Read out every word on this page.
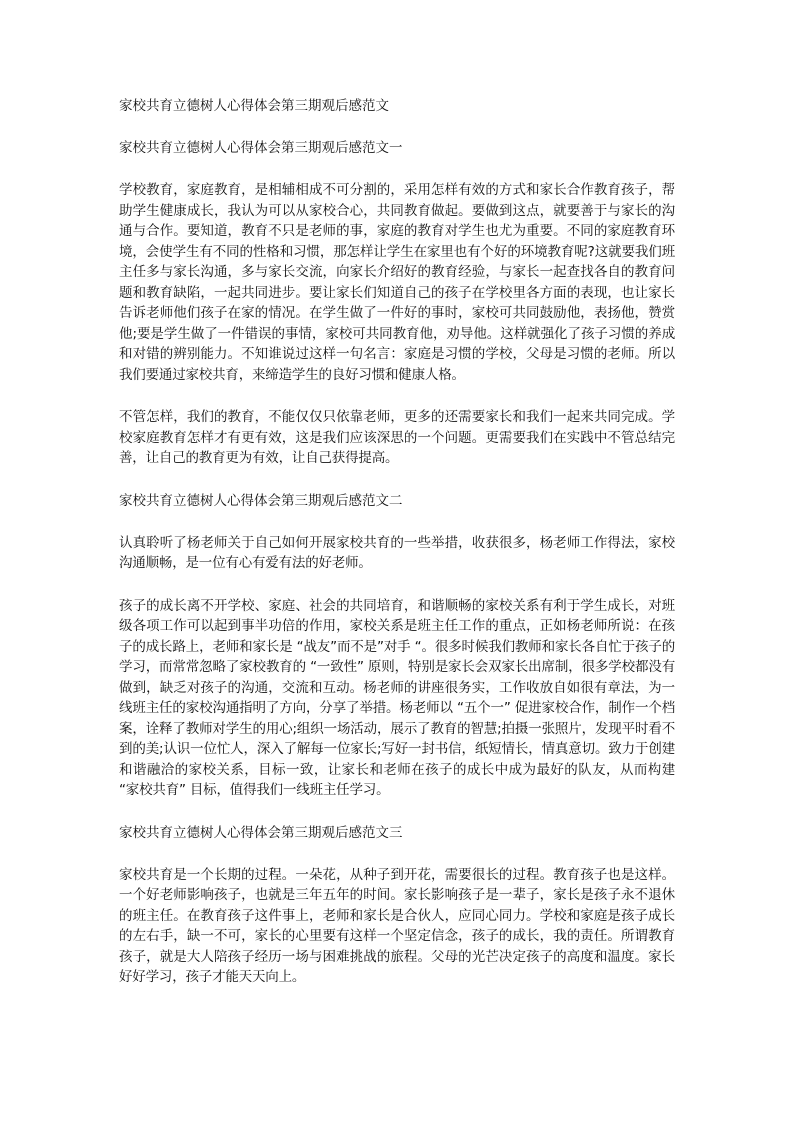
家校共育立德树人心得体会第三期观后感范文

家校共育立德树人心得体会第三期观后感范文一

学校教育，家庭教育，是相辅相成不可分割的，采用怎样有效的方式和家长合作教育孩子，帮助学生健康成长，我认为可以从家校合心，共同教育做起。要做到这点，就要善于与家长的沟通与合作。要知道，教育不只是老师的事，家庭的教育对学生也尤为重要。不同的家庭教育环境，会使学生有不同的性格和习惯，那怎样让学生在家里也有个好的环境教育呢?这就要我们班主任多与家长沟通，多与家长交流，向家长介绍好的教育经验，与家长一起查找各自的教育问题和教育缺陷，一起共同进步。要让家长们知道自己的孩子在学校里各方面的表现，也让家长告诉老师他们孩子在家的情况。在学生做了一件好的事时，家校可共同鼓励他，表扬他，赞赏他;要是学生做了一件错误的事情，家校可共同教育他，劝导他。这样就强化了孩子习惯的养成和对错的辨别能力。不知谁说过这样一句名言：家庭是习惯的学校，父母是习惯的老师。所以我们要通过家校共育，来缔造学生的良好习惯和健康人格。

不管怎样，我们的教育，不能仅仅只依靠老师，更多的还需要家长和我们一起来共同完成。学校家庭教育怎样才有更有效，这是我们应该深思的一个问题。更需要我们在实践中不管总结完善，让自己的教育更为有效，让自己获得提高。

家校共育立德树人心得体会第三期观后感范文二

认真聆听了杨老师关于自己如何开展家校共育的一些举措，收获很多，杨老师工作得法，家校沟通顺畅，是一位有心有爱有法的好老师。

孩子的成长离不开学校、家庭、社会的共同培育，和谐顺畅的家校关系有利于学生成长，对班级各项工作可以起到事半功倍的作用，家校关系是班主任工作的重点，正如杨老师所说：在孩子的成长路上，老师和家长是 “战友”而不是”对手 “。很多时候我们教师和家长各自忙于孩子的学习，而常常忽略了家校教育的 “一致性” 原则，特别是家长会双家长出席制，很多学校都没有做到，缺乏对孩子的沟通，交流和互动。杨老师的讲座很务实，工作收放自如很有章法，为一线班主任的家校沟通指明了方向，分享了举措。杨老师以 “五个一” 促进家校合作，制作一个档案，诠释了教师对学生的用心;组织一场活动，展示了教育的智慧;拍摄一张照片，发现平时看不到的美;认识一位忙人，深入了解每一位家长;写好一封书信，纸短情长，情真意切。致力于创建和谐融洽的家校关系，目标一致，让家长和老师在孩子的成长中成为最好的队友，从而构建 “家校共育” 目标，值得我们一线班主任学习。

家校共育立德树人心得体会第三期观后感范文三

家校共育是一个长期的过程。一朵花，从种子到开花，需要很长的过程。教育孩子也是这样。一个好老师影响孩子，也就是三年五年的时间。家长影响孩子是一辈子，家长是孩子永不退休的班主任。在教育孩子这件事上，老师和家长是合伙人，应同心同力。学校和家庭是孩子成长的左右手，缺一不可，家长的心里要有这样一个坚定信念，孩子的成长，我的责任。所谓教育孩子，就是大人陪孩子经历一场与困难挑战的旅程。父母的光芒决定孩子的高度和温度。家长好好学习，孩子才能天天向上。
